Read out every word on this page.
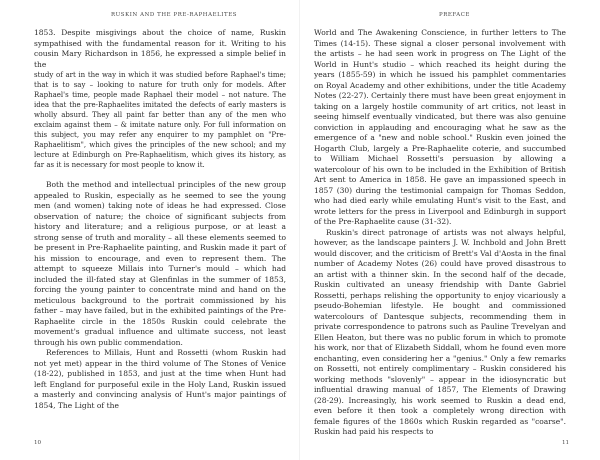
RUSKIN AND THE PRE-RAPHAELITES

1853. Despite misgivings about the choice of name, Ruskin sympathised with the fundamental reason for it. Writing to his cousin Mary Richardson in 1856, he expressed a simple belief in the

study of art in the way in which it was studied before Raphael's time; that is to say – looking to nature for truth only for models. After Raphael's time, people made Raphael their model – not nature. The idea that the pre-Raphaelites imitated the defects of early masters is wholly absurd. They all paint far better than any of the men who exclaim against them – & imitate nature only. For full information on this subject, you may refer any enquirer to my pamphlet on "Pre-Raphaelitism", which gives the principles of the new school; and my lecture at Edinburgh on Pre-Raphaelitism, which gives its history, as far as it is necessary for most people to know it.

Both the method and intellectual principles of the new group appealed to Ruskin, especially as he seemed to see the young men (and women) taking note of ideas he had expressed. Close observation of nature; the choice of significant subjects from history and literature; and a religious purpose, or at least a strong sense of truth and morality – all these elements seemed to be present in Pre-Raphaelite painting, and Ruskin made it part of his mission to encourage, and even to represent them. The attempt to squeeze Millais into Turner's mould – which had included the ill-fated stay at Glenfinlas in the summer of 1853, forcing the young painter to concentrate mind and hand on the meticulous background to the portrait commissioned by his father – may have failed, but in the exhibited paintings of the Pre-Raphaelite circle in the 1850s Ruskin could celebrate the movement's gradual influence and ultimate success, not least through his own public commendation.

References to Millais, Hunt and Rossetti (whom Ruskin had not yet met) appear in the third volume of The Stones of Venice (18-22), published in 1853, and just at the time when Hunt had left England for purposeful exile in the Holy Land, Ruskin issued a masterly and convincing analysis of Hunt's major paintings of 1854, The Light of the

10
PREFACE

World and The Awakening Conscience, in further letters to The Times (14-15). These signal a closer personal involvement with the artists – he had seen work in progress on The Light of the World in Hunt's studio – which reached its height during the years (1855-59) in which he issued his pamphlet commentaries on Royal Academy and other exhibitions, under the title Academy Notes (22-27). Certainly there must have been great enjoyment in taking on a largely hostile community of art critics, not least in seeing himself eventually vindicated, but there was also genuine conviction in applauding and encouraging what he saw as the emergence of a "new and noble school." Ruskin even joined the Hogarth Club, largely a Pre-Raphaelite coterie, and succumbed to William Michael Rossetti's persuasion by allowing a watercolour of his own to be included in the Exhibition of British Art sent to America in 1858. He gave an impassioned speech in 1857 (30) during the testimonial campaign for Thomas Seddon, who had died early while emulating Hunt's visit to the East, and wrote letters for the press in Liverpool and Edinburgh in support of the Pre-Raphaelite cause (31-32).

Ruskin's direct patronage of artists was not always helpful, however, as the landscape painters J. W. Inchbold and John Brett would discover, and the criticism of Brett's Val d'Aosta in the final number of Academy Notes (26) could have proved disastrous to an artist with a thinner skin. In the second half of the decade, Ruskin cultivated an uneasy friendship with Dante Gabriel Rossetti, perhaps relishing the opportunity to enjoy vicariously a pseudo-Bohemian lifestyle. He bought and commissioned watercolours of Dantesque subjects, recommending them in private correspondence to patrons such as Pauline Trevelyan and Ellen Heaton, but there was no public forum in which to promote his work, nor that of Elizabeth Siddall, whom he found even more enchanting, even considering her a "genius." Only a few remarks on Rossetti, not entirely complimentary – Ruskin considered his working methods "slovenly" – appear in the idiosyncratic but influential drawing manual of 1857, The Elements of Drawing (28-29). Increasingly, his work seemed to Ruskin a dead end, even before it then took a completely wrong direction with female figures of the 1860s which Ruskin regarded as "coarse". Ruskin had paid his respects to

11
